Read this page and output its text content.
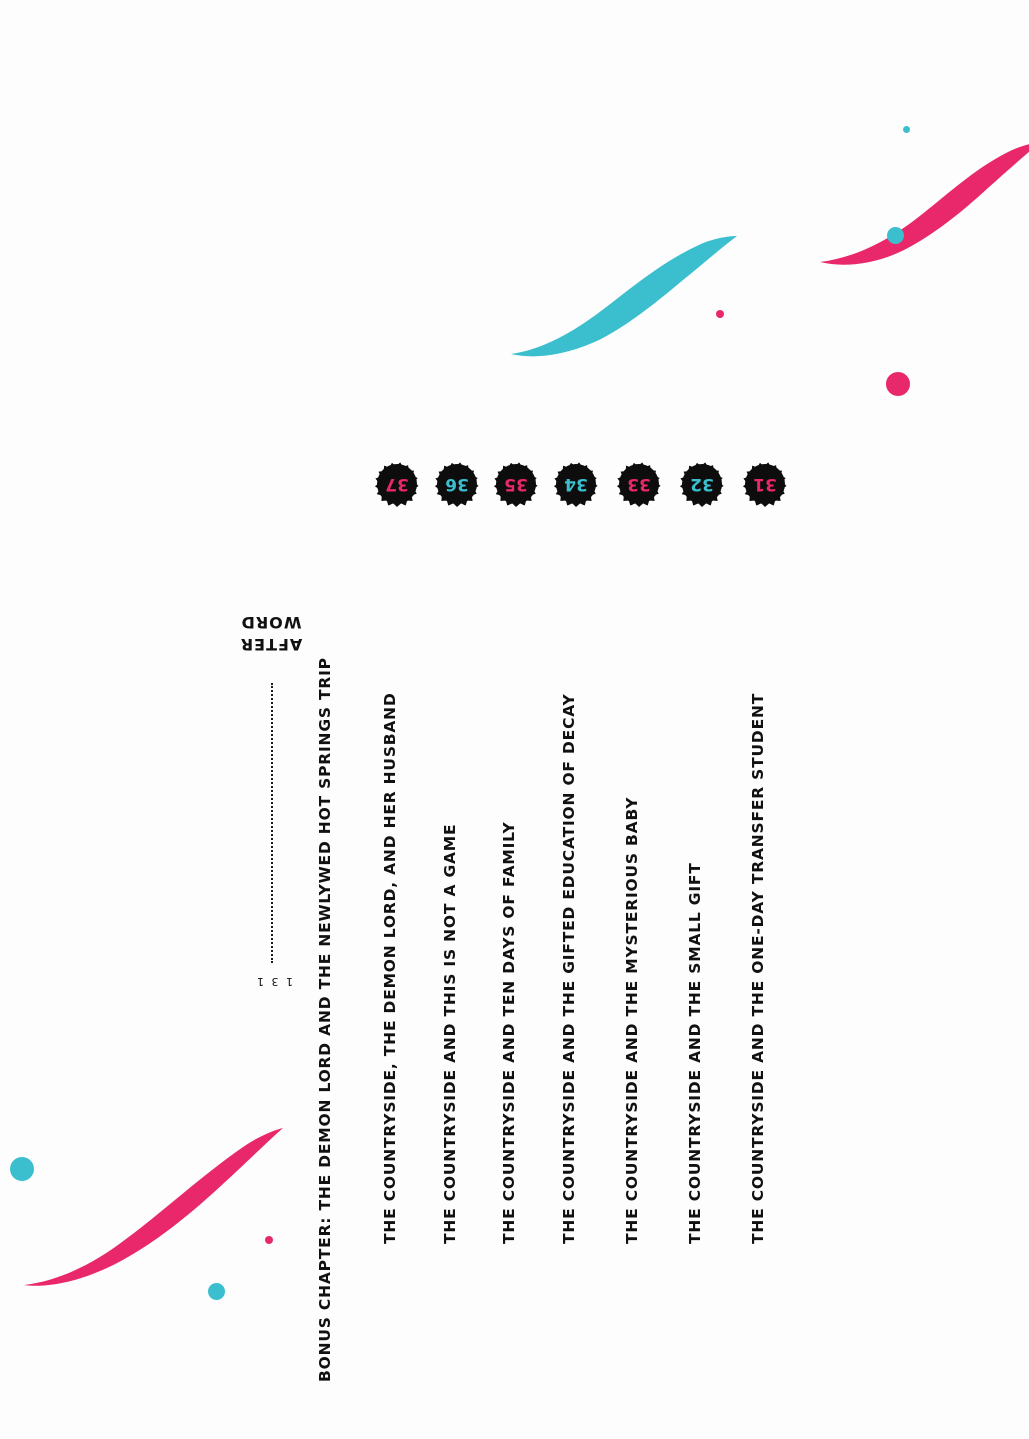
31
THE COUNTRYSIDE AND THE ONE-DAY TRANSFER STUDENT
32
THE COUNTRYSIDE AND THE SMALL GIFT
33
THE COUNTRYSIDE AND THE MYSTERIOUS BABY
34
THE COUNTRYSIDE AND THE GIFTED EDUCATION OF DECAY
35
THE COUNTRYSIDE AND TEN DAYS OF FAMILY
36
THE COUNTRYSIDE AND THIS IS NOT A GAME
37
THE COUNTRYSIDE, THE DEMON LORD, AND HER HUSBAND
BONUS CHAPTER: THE DEMON LORD AND THE NEWLYWED HOT SPRINGS TRIP
AFTER
WORD
1 3 1
